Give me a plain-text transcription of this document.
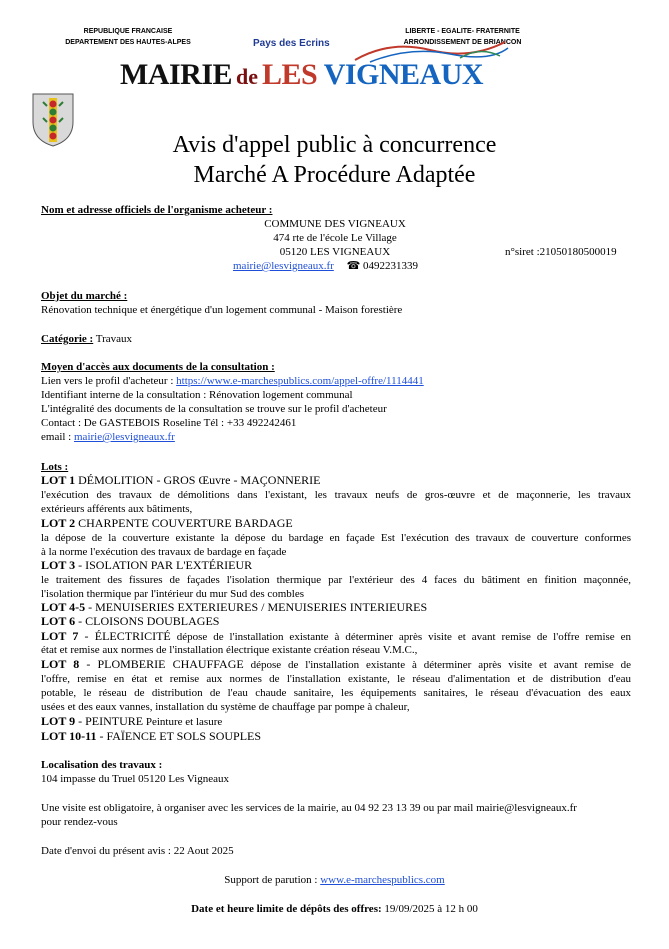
REPUBLIQUE FRANCAISE
DEPARTEMENT DES HAUTES-ALPES
LIBERTE - EGALITE- FRATERNITE
ARRONDISSEMENT DE BRIANCON
Pays des Ecrins
MAIRIE de LES VIGNEAUX
Avis d'appel public à concurrence
Marché A Procédure Adaptée
Nom et adresse officiels de l'organisme acheteur :
COMMUNE DES VIGNEAUX
474 rte de l'école Le Village
05120 LES VIGNEAUX	n°siret :21050180500019
mairie@lesvigneaux.fr ☎ 0492231339
Objet du marché :
Rénovation technique et énergétique d'un logement communal - Maison forestière
Catégorie : Travaux
Moyen d'accès aux documents de la consultation :
Lien vers le profil d'acheteur : https://www.e-marchespublics.com/appel-offre/1114441
Identifiant interne de la consultation : Rénovation logement communal
L'intégralité des documents de la consultation se trouve sur le profil d'acheteur
Contact : De GASTEBOIS Roseline Tél : +33 492242461
email : mairie@lesvigneaux.fr
Lots :
LOT 1 DÉMOLITION - GROS Œuvre - MAÇONNERIE
l'exécution des travaux de démolitions dans l'existant, les travaux neufs de gros-œuvre et de maçonnerie, les travaux
extérieurs afférents aux bâtiments,
LOT 2 CHARPENTE COUVERTURE BARDAGE
la dépose de la couverture existante la dépose du bardage en façade Est l'exécution des travaux de couverture conformes
à la norme l'exécution des travaux de bardage en façade
LOT 3 - ISOLATION PAR L'EXTÉRIEUR
le traitement des fissures de façades l'isolation thermique par l'extérieur des 4 faces du bâtiment en finition maçonnée,
l'isolation thermique par l'intérieur du mur Sud des combles
LOT 4-5 - MENUISERIES EXTERIEURES / MENUISERIES INTERIEURES
LOT 6 - CLOISONS DOUBLAGES
LOT 7 - ÉLECTRICITÉ dépose de l'installation existante à déterminer après visite et avant remise de l'offre remise en
état et remise aux normes de l'installation électrique existante création réseau V.M.C.,
LOT 8 - PLOMBERIE CHAUFFAGE dépose de l'installation existante à déterminer après visite et avant remise de
l'offre, remise en état et remise aux normes de l'installation existante, le réseau d'alimentation et de distribution d'eau
potable, le réseau de distribution de l'eau chaude sanitaire, les équipements sanitaires, le réseau d'évacuation des eaux
usées et des eaux vannes, installation du système de chauffage par pompe à chaleur,
LOT 9 - PEINTURE Peinture et lasure
LOT 10-11 - FAÏENCE ET SOLS SOUPLES
Localisation des travaux :
104 impasse du Truel 05120 Les Vigneaux
Une visite est obligatoire, à organiser avec les services de la mairie, au 04 92 23 13 39 ou par mail mairie@lesvigneaux.fr
pour rendez-vous
Date d'envoi du présent avis : 22 Aout 2025
Support de parution : www.e-marchespublics.com
Date et heure limite de dépôts des offres: 19/09/2025 à 12 h 00
